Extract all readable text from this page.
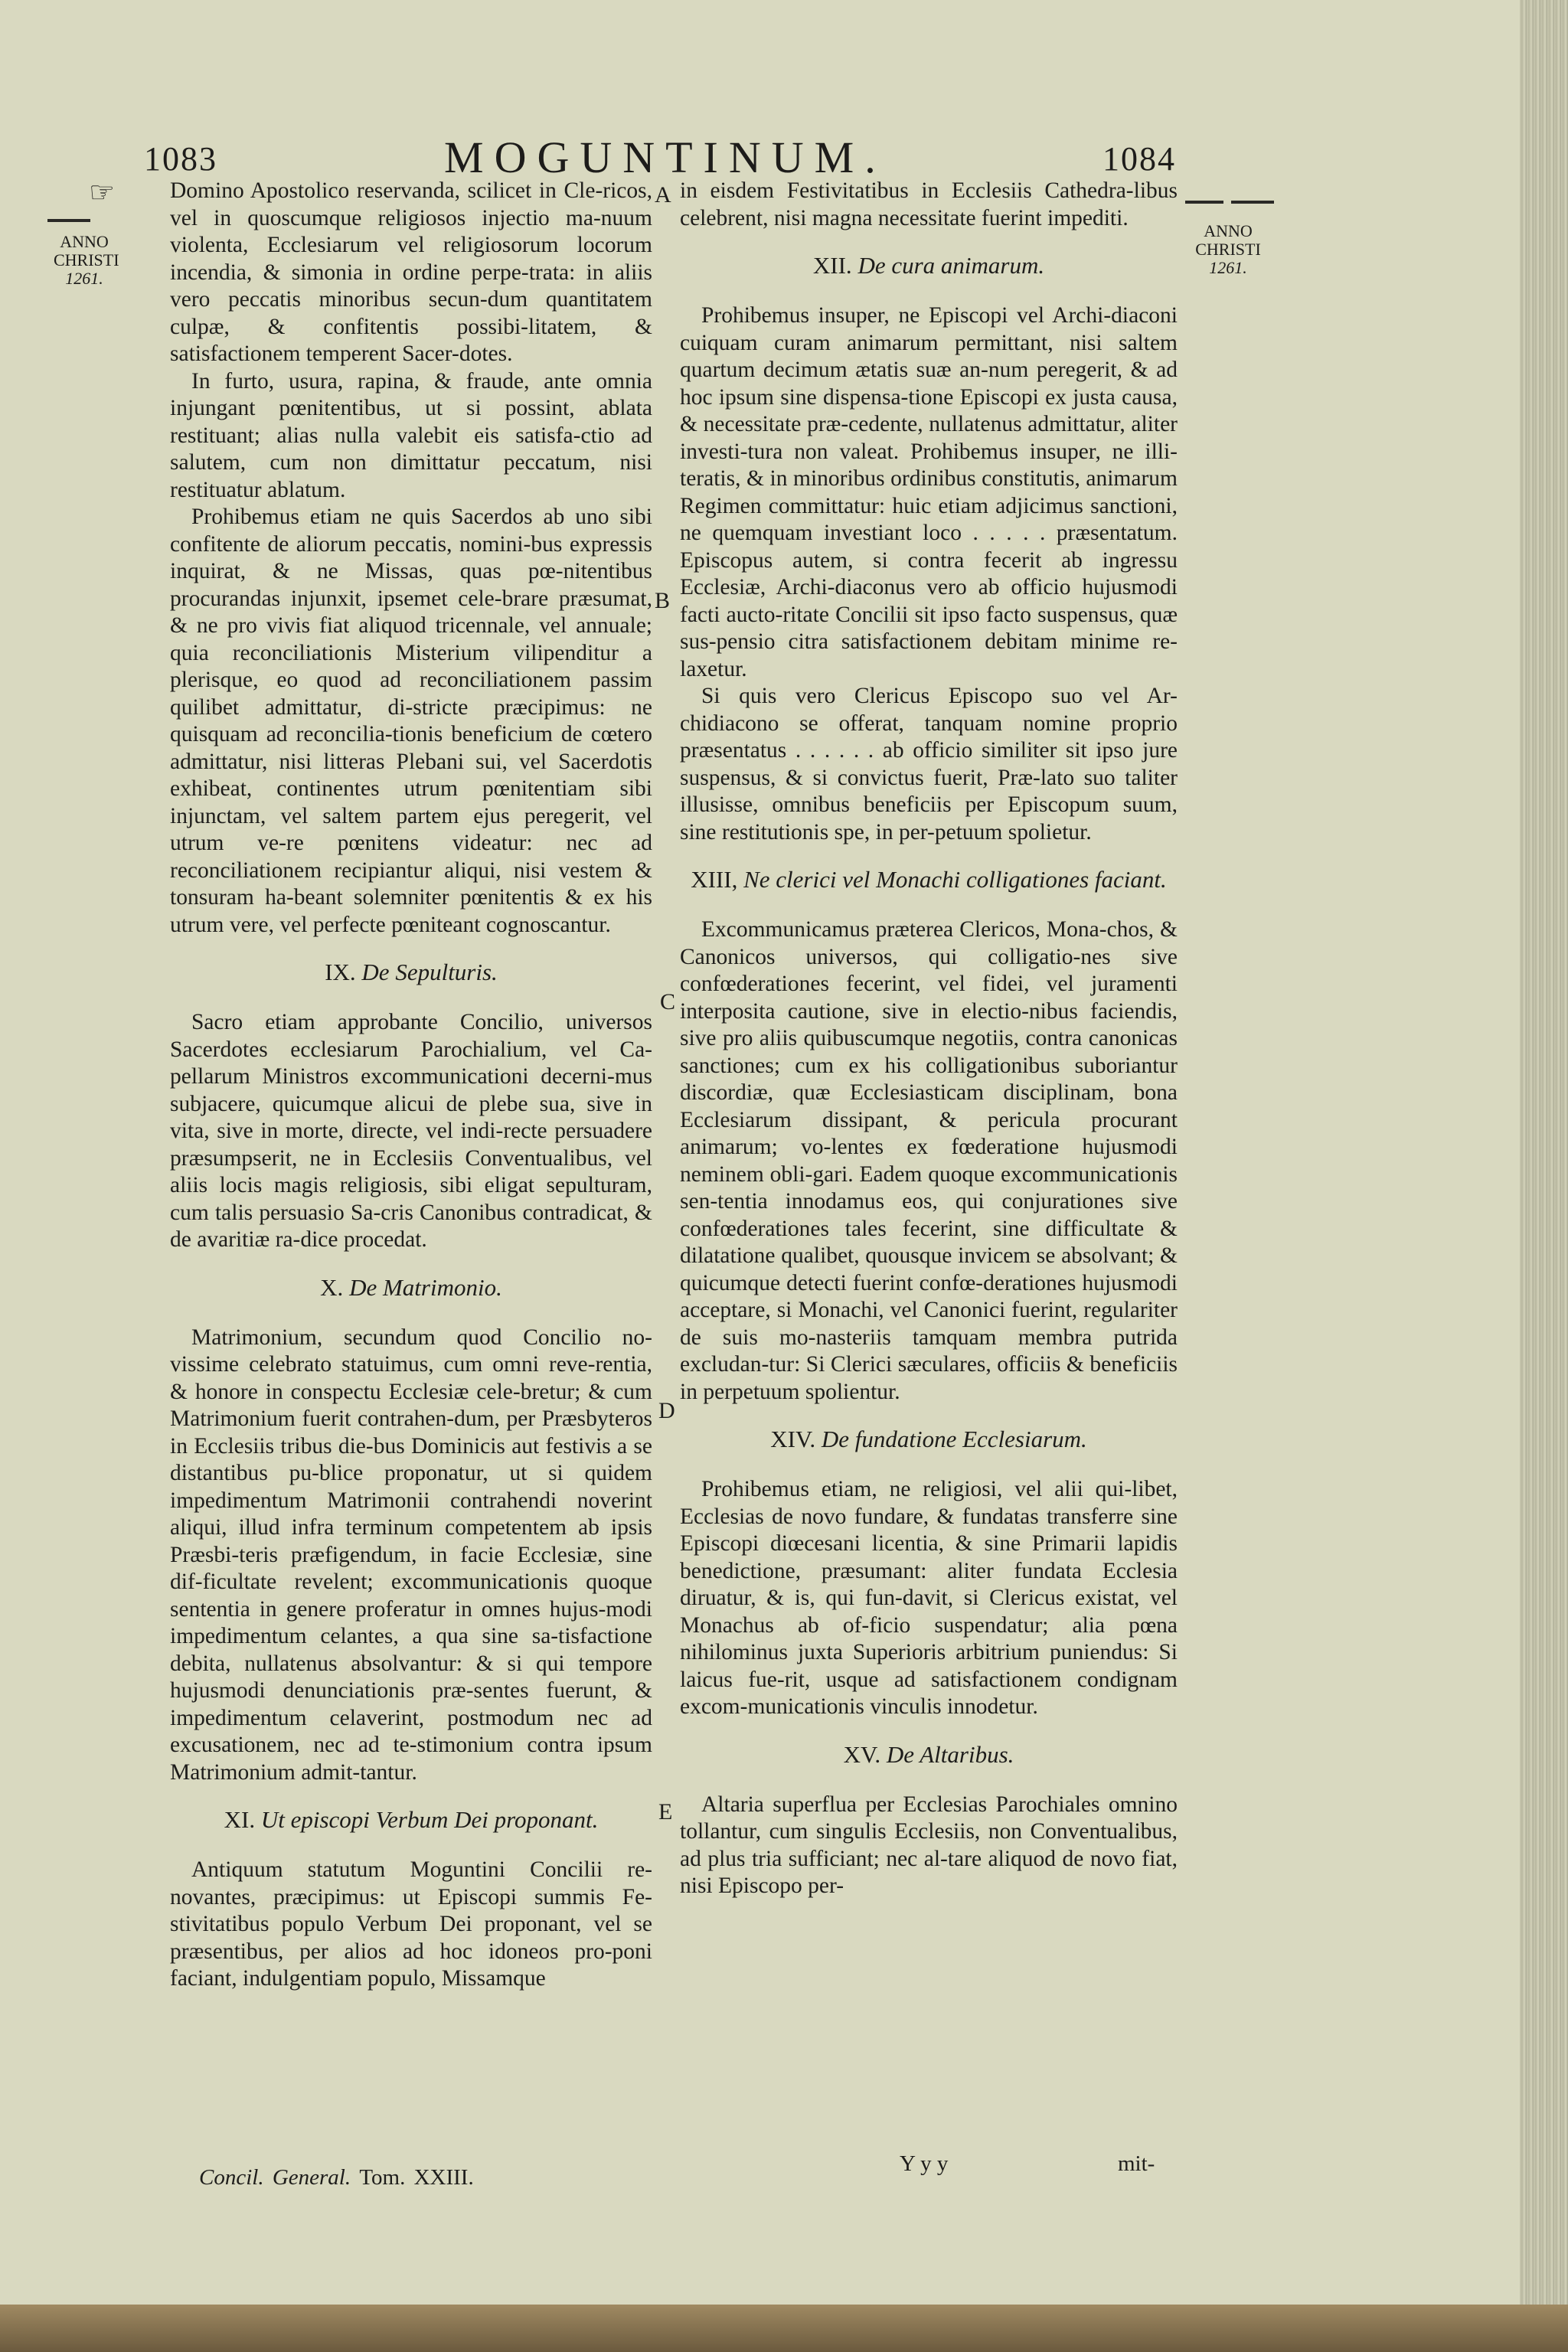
1083	MOGUNTINUM.	1084
☞
ANNO
CHRISTI
1261.
ANNO
CHRISTI
1261.
A
B
C
D
E

Domino Apostolico reservanda, scilicet in Cle-ricos, vel in quoscumque religiosos injectio ma-nuum violenta, Ecclesiarum vel religiosorum locorum incendia, & simonia in ordine perpe-trata: in aliis vero peccatis minoribus secun-dum quantitatem culpæ, & confitentis possibi-litatem, & satisfactionem temperent Sacer-dotes.

In furto, usura, rapina, & fraude, ante omnia injungant pœnitentibus, ut si possint, ablata restituant; alias nulla valebit eis satisfa-ctio ad salutem, cum non dimittatur peccatum, nisi restituatur ablatum.

Prohibemus etiam ne quis Sacerdos ab uno sibi confitente de aliorum peccatis, nomini-bus expressis inquirat, & ne Missas, quas pœ-nitentibus procurandas injunxit, ipsemet cele-brare præsumat, & ne pro vivis fiat aliquod tricennale, vel annuale; quia reconciliationis Misterium vilipenditur a plerisque, eo quod ad reconciliationem passim quilibet admittatur, di-stricte præcipimus: ne quisquam ad reconcilia-tionis beneficium de cœtero admittatur, nisi litteras Plebani sui, vel Sacerdotis exhibeat, continentes utrum pœnitentiam sibi injunctam, vel saltem partem ejus peregerit, vel utrum ve-re pœnitens videatur: nec ad reconciliationem recipiantur aliqui, nisi vestem & tonsuram ha-beant solemniter pœnitentis & ex his utrum vere, vel perfecte pœniteant cognoscantur.

IX. De Sepulturis.

Sacro etiam approbante Concilio, universos Sacerdotes ecclesiarum Parochialium, vel Ca-pellarum Ministros excommunicationi decerni-mus subjacere, quicumque alicui de plebe sua, sive in vita, sive in morte, directe, vel indi-recte persuadere præsumpserit, ne in Ecclesiis Conventualibus, vel aliis locis magis religiosis, sibi eligat sepulturam, cum talis persuasio Sa-cris Canonibus contradicat, & de avaritiæ ra-dice procedat.

X. De Matrimonio.

Matrimonium, secundum quod Concilio no-vissime celebrato statuimus, cum omni reve-rentia, & honore in conspectu Ecclesiæ cele-bretur; & cum Matrimonium fuerit contrahen-dum, per Præsbyteros in Ecclesiis tribus die-bus Dominicis aut festivis a se distantibus pu-blice proponatur, ut si quidem impedimentum Matrimonii contrahendi noverint aliqui, illud infra terminum competentem ab ipsis Præsbi-teris præfigendum, in facie Ecclesiæ, sine dif-ficultate revelent; excommunicationis quoque sententia in genere proferatur in omnes hujus-modi impedimentum celantes, a qua sine sa-tisfactione debita, nullatenus absolvantur: & si qui tempore hujusmodi denunciationis præ-sentes fuerunt, & impedimentum celaverint, postmodum nec ad excusationem, nec ad te-stimonium contra ipsum Matrimonium admit-tantur.

XI. Ut episcopi Verbum Dei proponant.

Antiquum statutum Moguntini Concilii re-novantes, præcipimus: ut Episcopi summis Fe-stivitatibus populo Verbum Dei proponant, vel se præsentibus, per alios ad hoc idoneos pro-poni faciant, indulgentiam populo, Missamque

in eisdem Festivitatibus in Ecclesiis Cathedra-libus celebrent, nisi magna necessitate fuerint impediti.

XII. De cura animarum.

Prohibemus insuper, ne Episcopi vel Archi-diaconi cuiquam curam animarum permittant, nisi saltem quartum decimum ætatis suæ an-num peregerit, & ad hoc ipsum sine dispensa-tione Episcopi ex justa causa, & necessitate præ-cedente, nullatenus admittatur, aliter investi-tura non valeat. Prohibemus insuper, ne illi-teratis, & in minoribus ordinibus constitutis, animarum Regimen committatur: huic etiam adjicimus sanctioni, ne quemquam investiant loco . . . . . præsentatum. Episcopus autem, si contra fecerit ab ingressu Ecclesiæ, Archi-diaconus vero ab officio hujusmodi facti aucto-ritate Concilii sit ipso facto suspensus, quæ sus-pensio citra satisfactionem debitam minime re-laxetur.

Si quis vero Clericus Episcopo suo vel Ar-chidiacono se offerat, tanquam nomine proprio præsentatus . . . . . . ab officio similiter sit ipso jure suspensus, & si convictus fuerit, Præ-lato suo taliter illusisse, omnibus beneficiis per Episcopum suum, sine restitutionis spe, in per-petuum spolietur.

XIII, Ne clerici vel Monachi colligationes faciant.

Excommunicamus præterea Clericos, Mona-chos, & Canonicos universos, qui colligatio-nes sive confœderationes fecerint, vel fidei, vel juramenti interposita cautione, sive in electio-nibus faciendis, sive pro aliis quibuscumque negotiis, contra canonicas sanctiones; cum ex his colligationibus suboriantur discordiæ, quæ Ecclesiasticam disciplinam, bona Ecclesiarum dissipant, & pericula procurant animarum; vo-lentes ex fœderatione hujusmodi neminem obli-gari. Eadem quoque excommunicationis sen-tentia innodamus eos, qui conjurationes sive confœderationes tales fecerint, sine difficultate & dilatatione qualibet, quousque invicem se absolvant; & quicumque detecti fuerint confœ-derationes hujusmodi acceptare, si Monachi, vel Canonici fuerint, regulariter de suis mo-nasteriis tamquam membra putrida excludan-tur: Si Clerici sæculares, officiis & beneficiis in perpetuum spolientur.

XIV. De fundatione Ecclesiarum.

Prohibemus etiam, ne religiosi, vel alii qui-libet, Ecclesias de novo fundare, & fundatas transferre sine Episcopi diœcesani licentia, & sine Primarii lapidis benedictione, præsumant: aliter fundata Ecclesia diruatur, & is, qui fun-davit, si Clericus existat, vel Monachus ab of-ficio suspendatur; alia pœna nihilominus juxta Superioris arbitrium puniendus: Si laicus fue-rit, usque ad satisfactionem condignam excom-municationis vinculis innodetur.

XV. De Altaribus.

Altaria superflua per Ecclesias Parochiales omnino tollantur, cum singulis Ecclesiis, non Conventualibus, ad plus tria sufficiant; nec al-tare aliquod de novo fiat, nisi Episcopo per-

Concil. General. Tom. XXIII.
Y y y	mit-
